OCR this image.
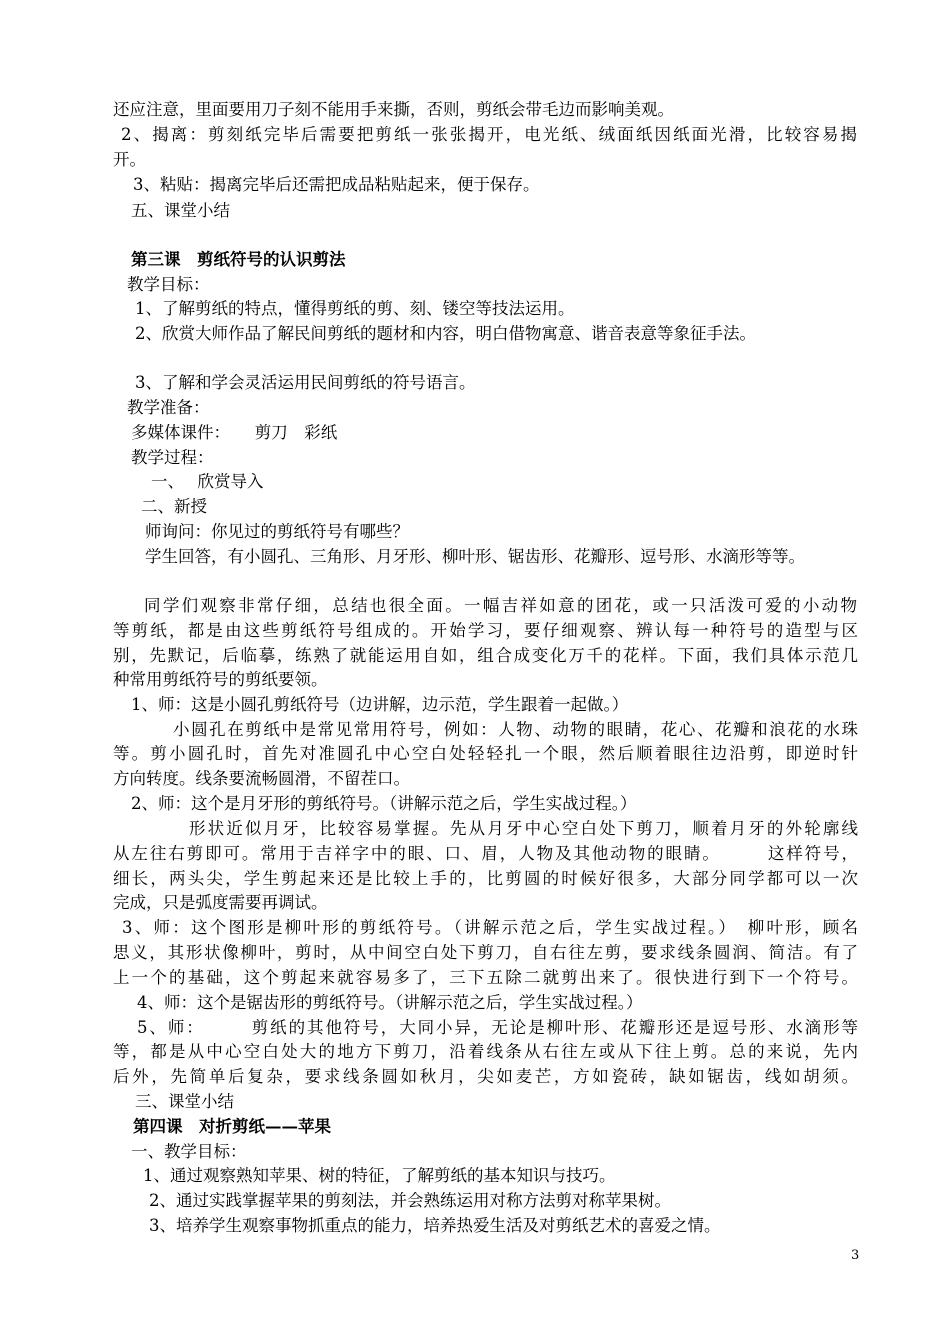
还应注意，里面要用刀子刻不能用手来撕，否则，剪纸会带毛边而影响美观。
2、揭离：剪刻纸完毕后需要把剪纸一张张揭开，电光纸、绒面纸因纸面光滑，比较容易揭
开。
3、粘贴：揭离完毕后还需把成品粘贴起来，便于保存。
五、课堂小结
第三课　剪纸符号的认识剪法
教学目标：
1、了解剪纸的特点，懂得剪纸的剪、刻、镂空等技法运用。
2、欣赏大师作品了解民间剪纸的题材和内容，明白借物寓意、谐音表意等象征手法。
3、了解和学会灵活运用民间剪纸的符号语言。
教学准备：
多媒体课件：　　剪刀　彩纸
教学过程：
一、　 欣赏导入
二、新授
师询问：你见过的剪纸符号有哪些？
学生回答，有小圆孔、三角形、月牙形、柳叶形、锯齿形、花瓣形、逗号形、水滴形等等。
同学们观察非常仔细，总结也很全面。一幅吉祥如意的团花，或一只活泼可爱的小动物
等剪纸，都是由这些剪纸符号组成的。开始学习，要仔细观察、辨认每一种符号的造型与区
别，先默记，后临摹，练熟了就能运用自如，组合成变化万千的花样。下面，我们具体示范几
种常用剪纸符号的剪纸要领。
1、师：这是小圆孔剪纸符号（边讲解，边示范，学生跟着一起做。）
小圆孔在剪纸中是常见常用符号，例如：人物、动物的眼睛，花心、花瓣和浪花的水珠
等。剪小圆孔时，首先对准圆孔中心空白处轻轻扎一个眼，然后顺着眼往边沿剪，即逆时针
方向转度。线条要流畅圆滑，不留茬口。
2、师：这个是月牙形的剪纸符号。（讲解示范之后，学生实战过程。）
形状近似月牙，比较容易掌握。先从月牙中心空白处下剪刀，顺着月牙的外轮廓线
从左往右剪即可。常用于吉祥字中的眼、口、眉，人物及其他动物的眼睛。　　　这样符号，
细长，两头尖，学生剪起来还是比较上手的，比剪圆的时候好很多，大部分同学都可以一次
完成，只是弧度需要再调试。
3、师：这个图形是柳叶形的剪纸符号。（讲解示范之后，学生实战过程。）　柳叶形，顾名
思义，其形状像柳叶，剪时，从中间空白处下剪刀，自右往左剪，要求线条圆润、简洁。有了
上一个的基础，这个剪起来就容易多了，三下五除二就剪出来了。很快进行到下一个符号。
4、师：这个是锯齿形的剪纸符号。（讲解示范之后，学生实战过程。）
5、师：　　　剪纸的其他符号，大同小异，无论是柳叶形、花瓣形还是逗号形、水滴形等
等，都是从中心空白处大的地方下剪刀，沿着线条从右往左或从下往上剪。总的来说，先内
后外，先简单后复杂，要求线条圆如秋月，尖如麦芒，方如瓷砖，缺如锯齿，线如胡须。
三、课堂小结
第四课　对折剪纸——苹果
一、教学目标：
1、通过观察熟知苹果、树的特征，了解剪纸的基本知识与技巧。
2、通过实践掌握苹果的剪刻法，并会熟练运用对称方法剪对称苹果树。
3、培养学生观察事物抓重点的能力，培养热爱生活及对剪纸艺术的喜爱之情。
3
